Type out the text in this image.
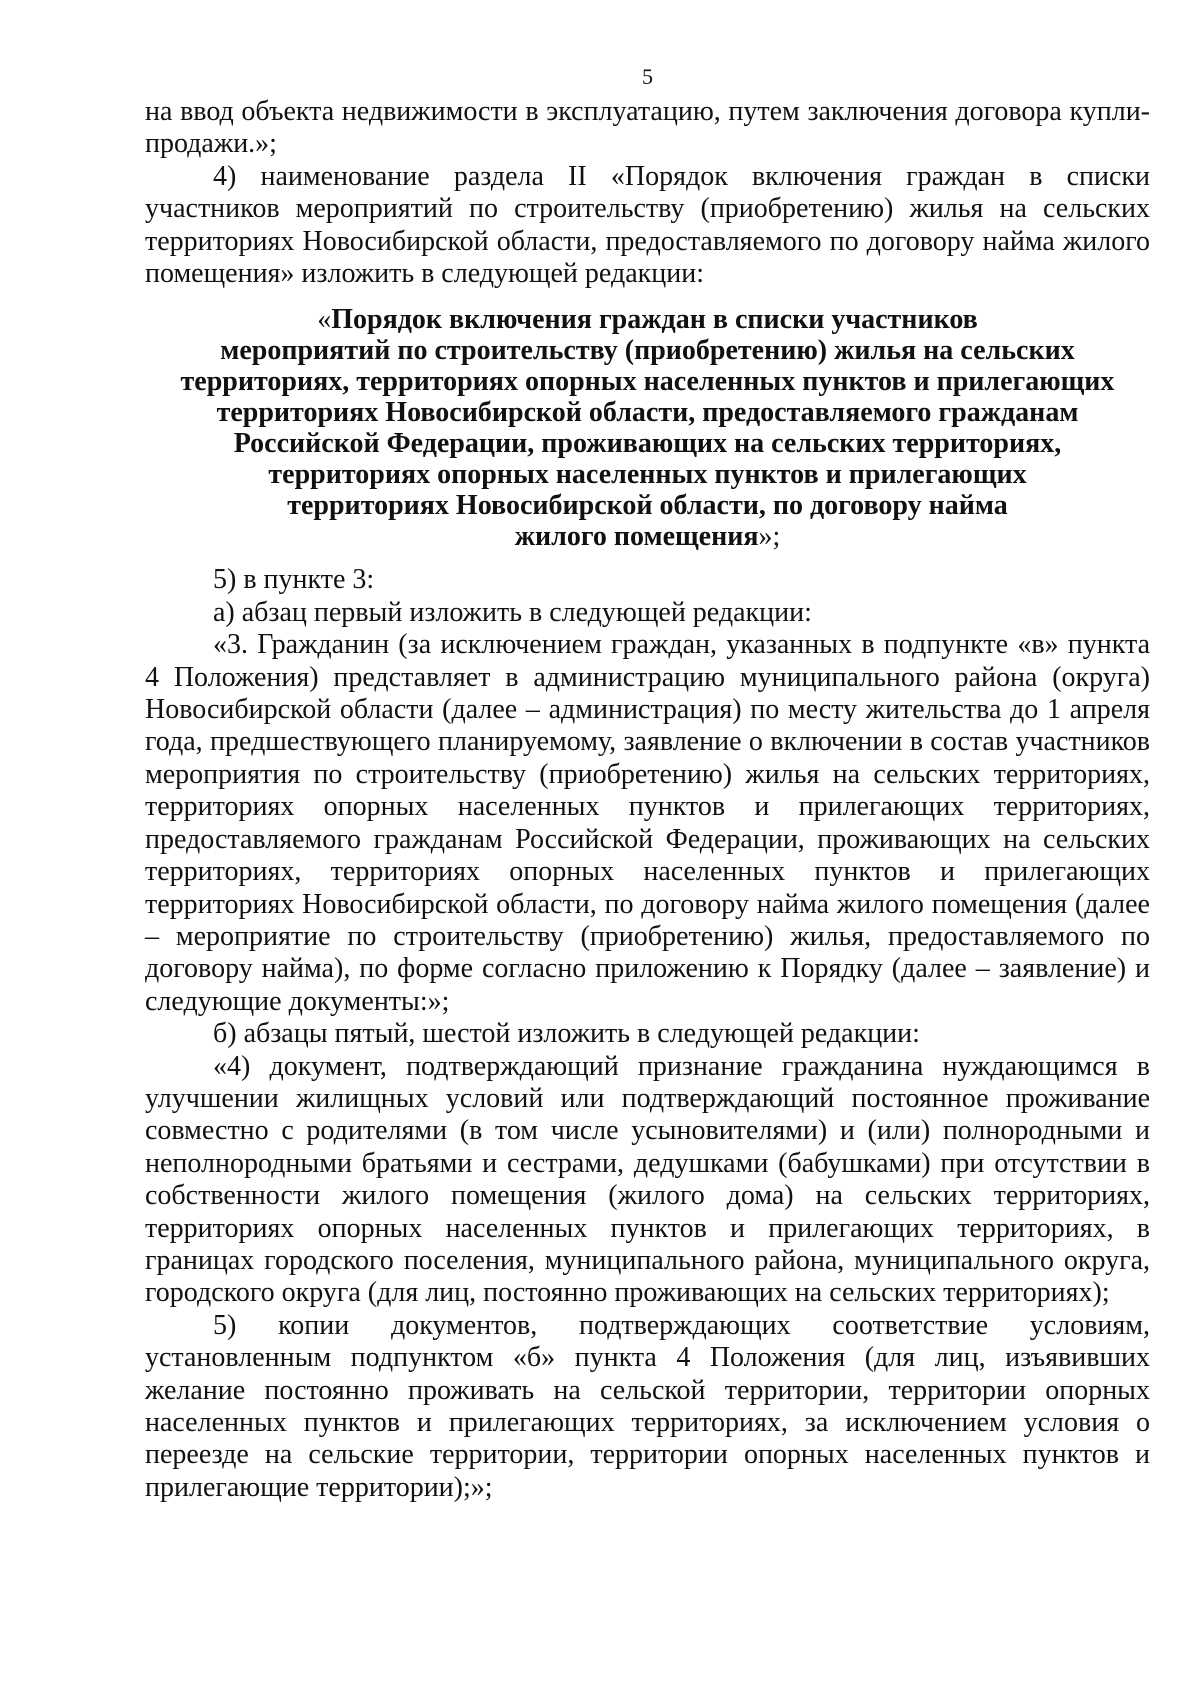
5

на ввод объекта недвижимости в эксплуатацию, путем заключения договора купли-продажи.»;

4) наименование раздела II «Порядок включения граждан в списки участников мероприятий по строительству (приобретению) жилья на сельских территориях Новосибирской области, предоставляемого по договору найма жилого помещения» изложить в следующей редакции:

«Порядок включения граждан в списки участников
мероприятий по строительству (приобретению) жилья на сельских
территориях, территориях опорных населенных пунктов и прилегающих
территориях Новосибирской области, предоставляемого гражданам
Российской Федерации, проживающих на сельских территориях,
территориях опорных населенных пунктов и прилегающих
территориях Новосибирской области, по договору найма
жилого помещения»;

5) в пункте 3:

а) абзац первый изложить в следующей редакции:

«3. Гражданин (за исключением граждан, указанных в подпункте «в» пункта 4 Положения) представляет в администрацию муниципального района (округа) Новосибирской области (далее – администрация) по месту жительства до 1 апреля года, предшествующего планируемому, заявление о включении в состав участников мероприятия по строительству (приобретению) жилья на сельских территориях, территориях опорных населенных пунктов и прилегающих территориях, предоставляемого гражданам Российской Федерации, проживающих на сельских территориях, территориях опорных населенных пунктов и прилегающих территориях Новосибирской области, по договору найма жилого помещения (далее – мероприятие по строительству (приобретению) жилья, предоставляемого по договору найма), по форме согласно приложению к Порядку (далее – заявление) и следующие документы:»;

б) абзацы пятый, шестой изложить в следующей редакции:

«4) документ, подтверждающий признание гражданина нуждающимся в улучшении жилищных условий или подтверждающий постоянное проживание совместно с родителями (в том числе усыновителями) и (или) полнородными и неполнородными братьями и сестрами, дедушками (бабушками) при отсутствии в собственности жилого помещения (жилого дома) на сельских территориях, территориях опорных населенных пунктов и прилегающих территориях, в границах городского поселения, муниципального района, муниципального округа, городского округа (для лиц, постоянно проживающих на сельских территориях);

5) копии документов, подтверждающих соответствие условиям, установленным подпунктом «б» пункта 4 Положения (для лиц, изъявивших желание постоянно проживать на сельской территории, территории опорных населенных пунктов и прилегающих территориях, за исключением условия о переезде на сельские территории, территории опорных населенных пунктов и прилегающие территории);»;
